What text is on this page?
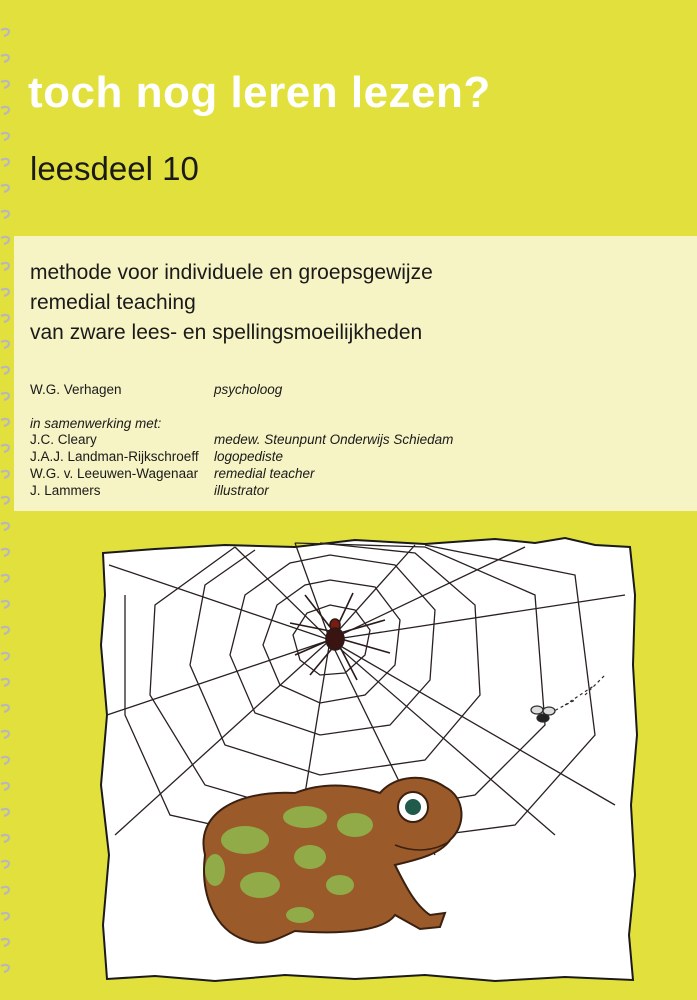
toch nog leren lezen?
leesdeel 10
methode voor individuele en groepsgewijze
remedial teaching
van zware lees- en spellingsmoeilijkheden
W.G. Verhagen	psycholoog
in samenwerking met:
J.C. Cleary	medew. Steunpunt Onderwijs Schiedam
J.A.J. Landman-Rijkschroeff logopediste
W.G. v. Leeuwen-Wagenaar remedial teacher
J. Lammers	illustrator
